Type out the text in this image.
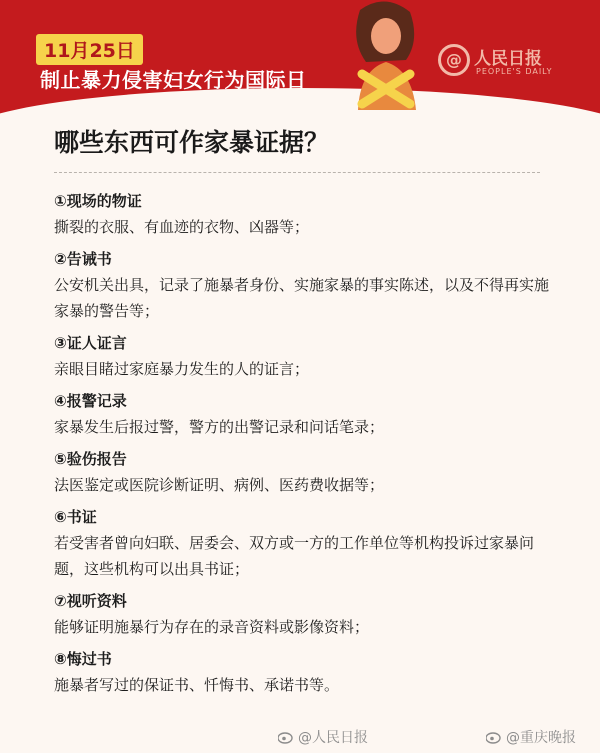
11月25日
制止暴力侵害妇女行为国际日
@ 人民日报
PEOPLE'S DAILY
哪些东西可作家暴证据？
①现场的物证
撕裂的衣服、有血迹的衣物、凶器等；
②告诫书
公安机关出具，记录了施暴者身份、实施家暴的事实陈述，以及不得再实施家暴的警告等；
③证人证言
亲眼目睹过家庭暴力发生的人的证言；
④报警记录
家暴发生后报过警，警方的出警记录和问话笔录；
⑤验伤报告
法医鉴定或医院诊断证明、病例、医药费收据等；
⑥书证
若受害者曾向妇联、居委会、双方或一方的工作单位等机构投诉过家暴问题，这些机构可以出具书证；
⑦视听资料
能够证明施暴行为存在的录音资料或影像资料；
⑧悔过书
施暴者写过的保证书、忏悔书、承诺书等。
@人民日报	@重庆晚报
